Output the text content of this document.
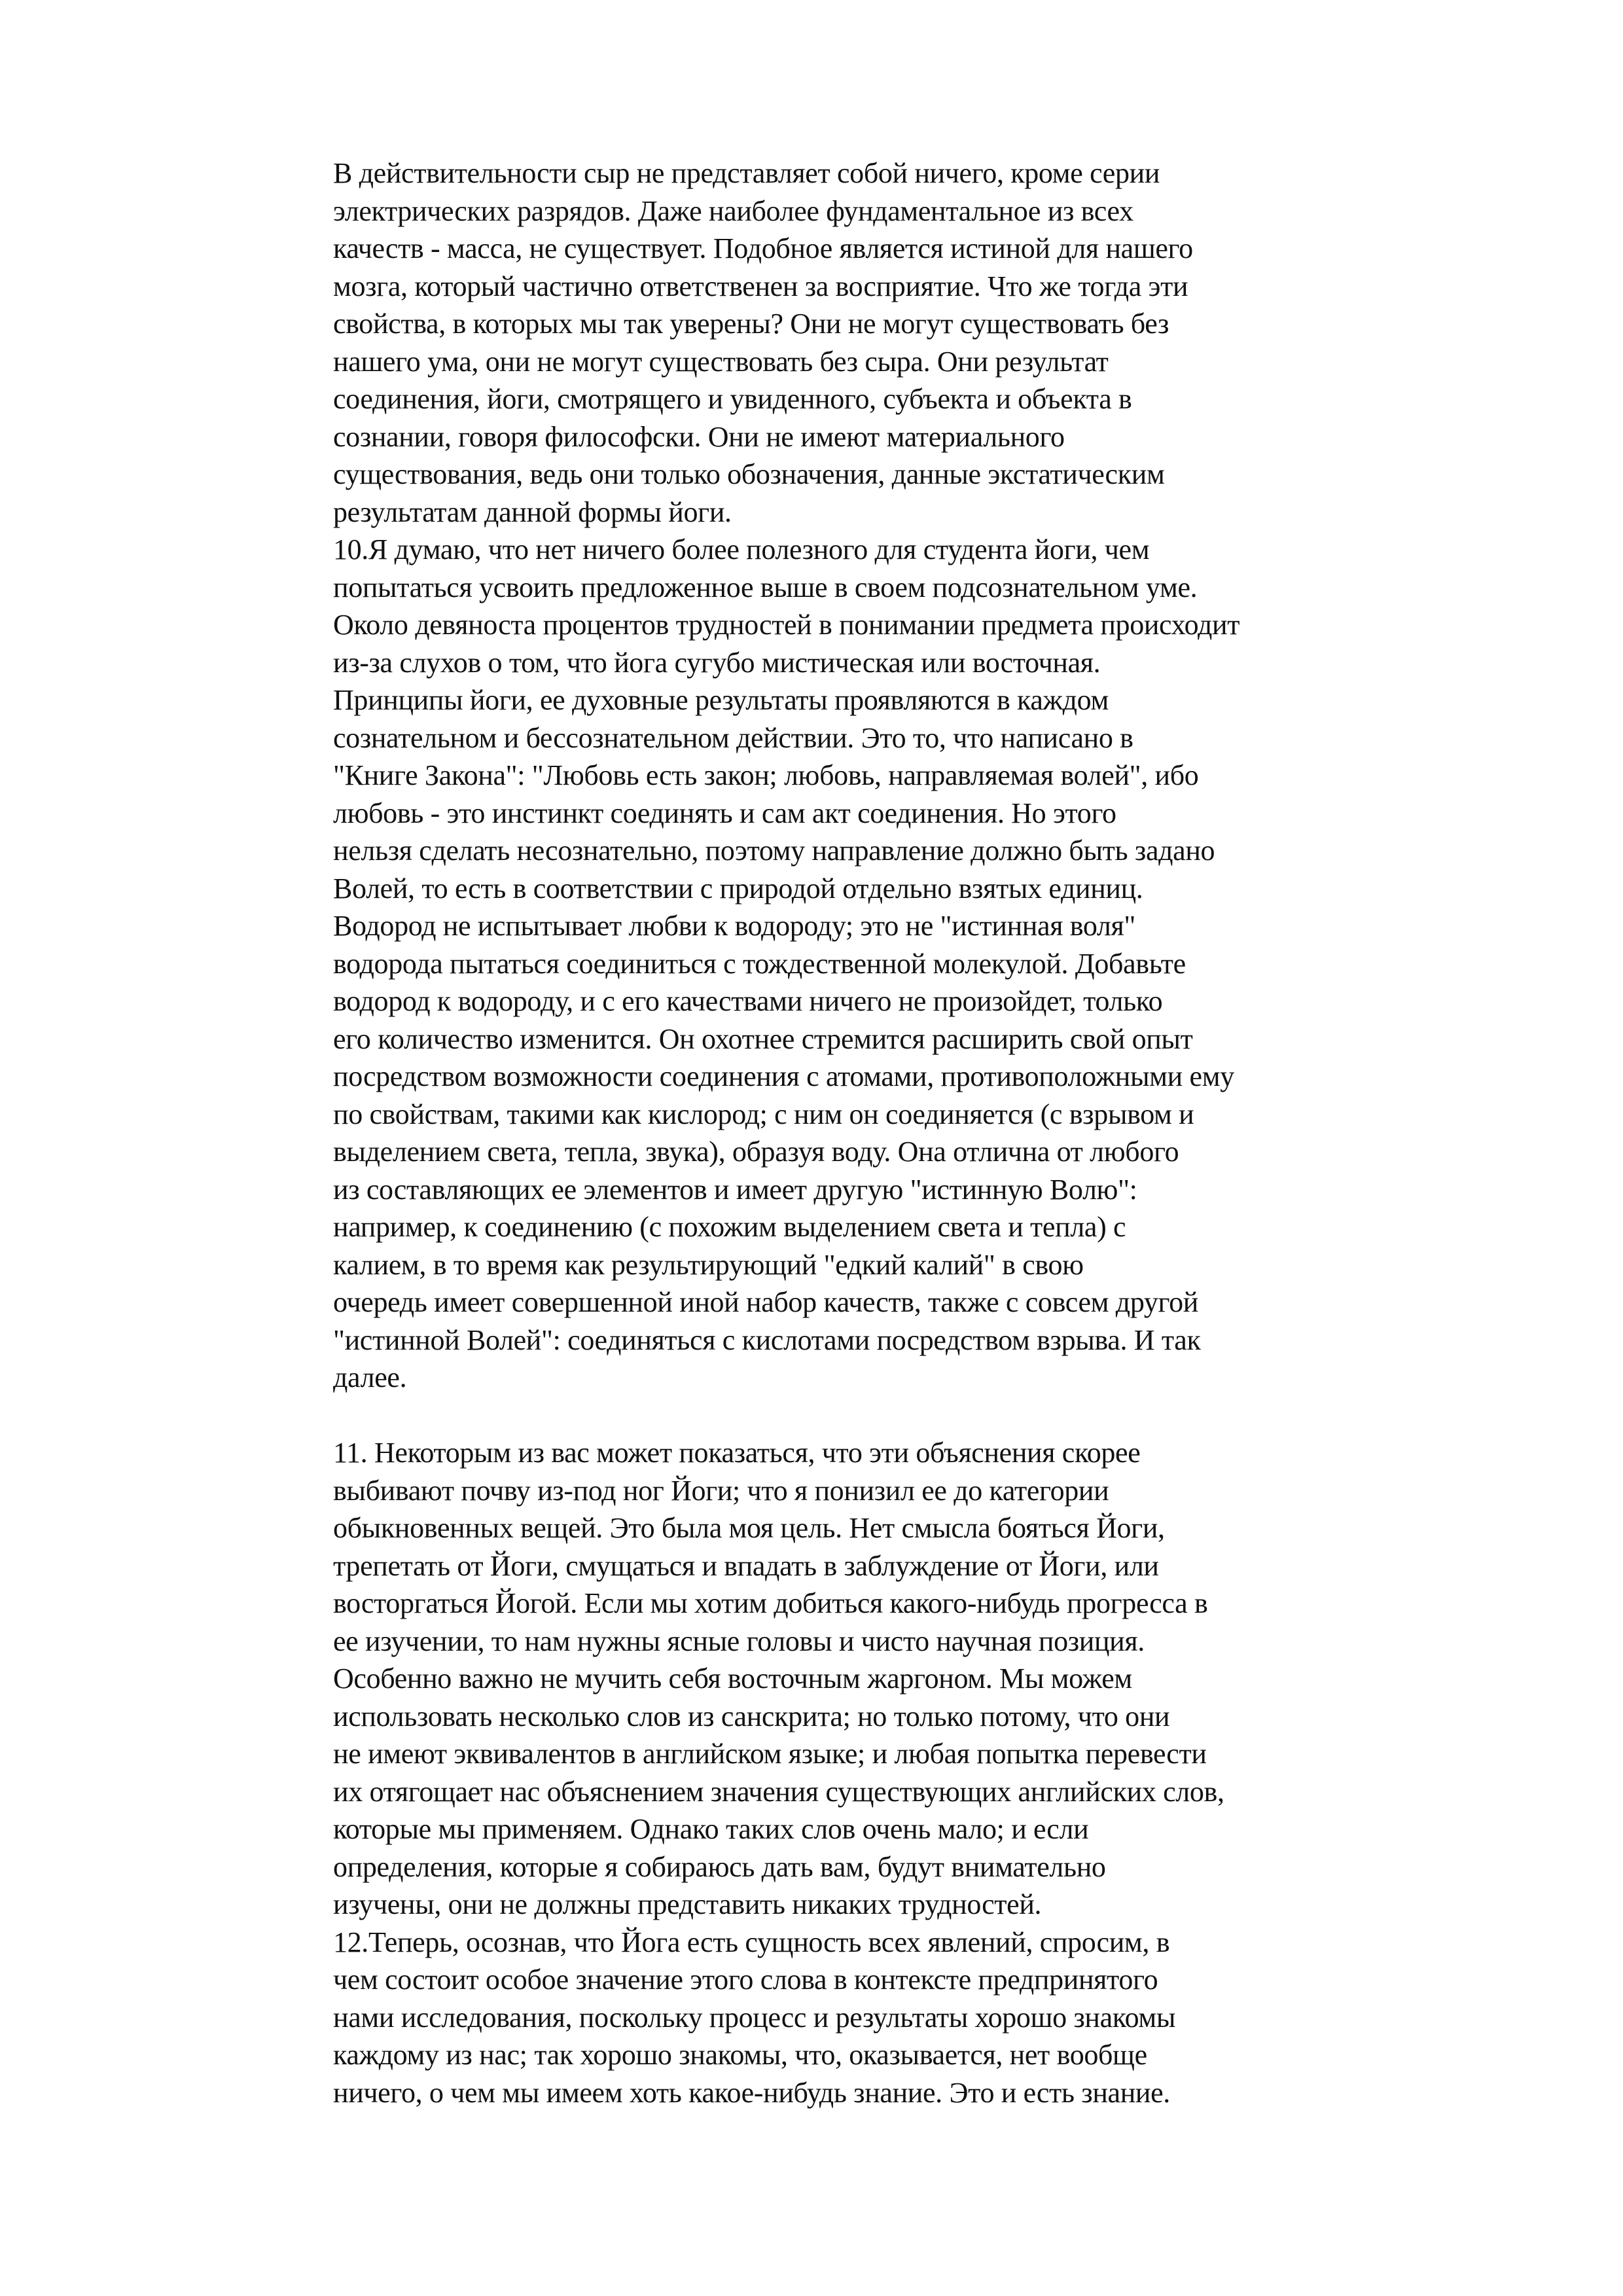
В действительности сыр не представляет собой ничего, кроме серии
электрических разрядов. Даже наиболее фундаментальное из всех
качеств - масса, не существует. Подобное является истиной для нашего
мозга, который частично ответственен за восприятие. Что же тогда эти
свойства, в которых мы так уверены? Они не могут существовать без
нашего ума, они не могут существовать без сыра. Они результат
соединения, йоги, смотрящего и увиденного, субъекта и объекта в
сознании, говоря философски. Они не имеют материального
существования, ведь они только обозначения, данные экстатическим
результатам данной формы йоги.
10.Я думаю, что нет ничего более полезного для студента йоги, чем
попытаться усвоить предложенное выше в своем подсознательном уме.
Около девяноста процентов трудностей в понимании предмета происходит
из-за слухов о том, что йога сугубо мистическая или восточная.
Принципы йоги, ее духовные результаты проявляются в каждом
сознательном и бессознательном действии. Это то, что написано в
"Книге Закона": "Любовь есть закон; любовь, направляемая волей", ибо
любовь - это инстинкт соединять и сам акт соединения. Но этого
нельзя сделать несознательно, поэтому направление должно быть задано
Волей, то есть в соответствии с природой отдельно взятых единиц.
Водород не испытывает любви к водороду; это не "истинная воля"
водорода пытаться соединиться с тождественной молекулой. Добавьте
водород к водороду, и с его качествами ничего не произойдет, только
его количество изменится. Он охотнее стремится расширить свой опыт
посредством возможности соединения с атомами, противоположными ему
по свойствам, такими как кислород; с ним он соединяется (с взрывом и
выделением света, тепла, звука), образуя воду. Она отлична от любого
из составляющих ее элементов и имеет другую "истинную Волю":
например, к соединению (с похожим выделением света и тепла) с
калием, в то время как результирующий "едкий калий" в свою
очередь имеет совершенной иной набор качеств, также с совсем другой
"истинной Волей": соединяться с кислотами посредством взрыва. И так
далее.
11. Некоторым из вас может показаться, что эти объяснения скорее
выбивают почву из-под ног Йоги; что я понизил ее до категории
обыкновенных вещей. Это была моя цель. Нет смысла бояться Йоги,
трепетать от Йоги, смущаться и впадать в заблуждение от Йоги, или
восторгаться Йогой. Если мы хотим добиться какого-нибудь прогресса в
ее изучении, то нам нужны ясные головы и чисто научная позиция.
Особенно важно не мучить себя восточным жаргоном. Мы можем
использовать несколько слов из санскрита; но только потому, что они
не имеют эквивалентов в английском языке; и любая попытка перевести
их отягощает нас объяснением значения существующих английских слов,
которые мы применяем. Однако таких слов очень мало; и если
определения, которые я собираюсь дать вам, будут внимательно
изучены, они не должны представить никаких трудностей.
12.Теперь, осознав, что Йога есть сущность всех явлений, спросим, в
чем состоит особое значение этого слова в контексте предпринятого
нами исследования, поскольку процесс и результаты хорошо знакомы
каждому из нас; так хорошо знакомы, что, оказывается, нет вообще
ничего, о чем мы имеем хоть какое-нибудь знание. Это и есть знание.
